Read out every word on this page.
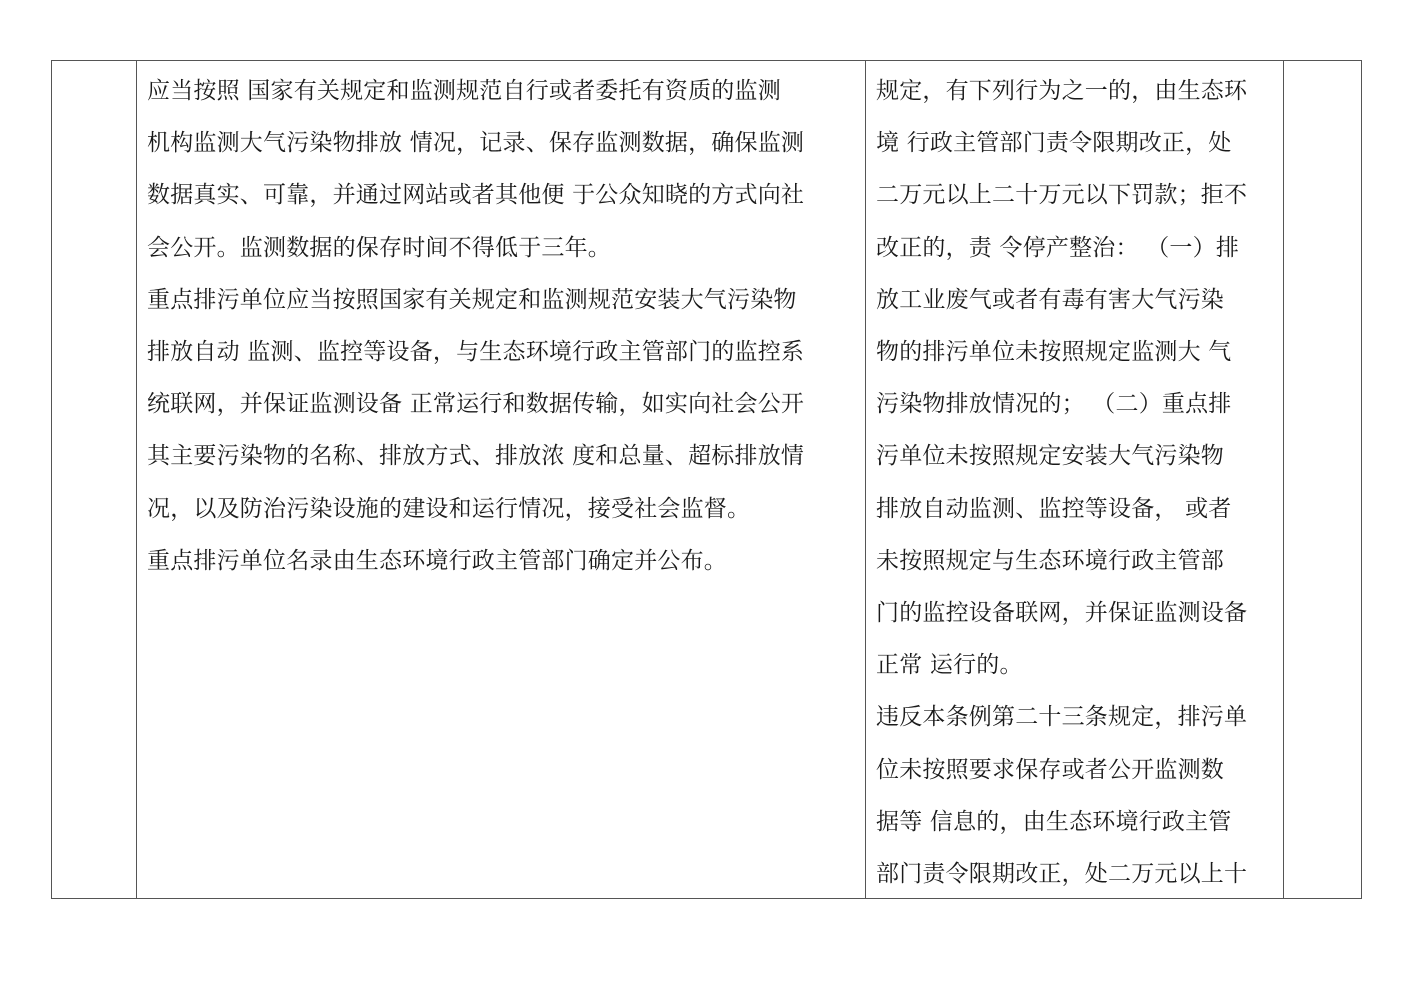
应当按照 国家有关规定和监测规范自行或者委托有资质的监测
机构监测大气污染物排放 情况，记录、保存监测数据，确保监测
数据真实、可靠，并通过网站或者其他便 于公众知晓的方式向社
会公开。监测数据的保存时间不得低于三年。
重点排污单位应当按照国家有关规定和监测规范安装大气污染物
排放自动 监测、监控等设备，与生态环境行政主管部门的监控系
统联网，并保证监测设备 正常运行和数据传输，如实向社会公开
其主要污染物的名称、排放方式、排放浓 度和总量、超标排放情
况，以及防治污染设施的建设和运行情况，接受社会监督。
重点排污单位名录由生态环境行政主管部门确定并公布。
规定，有下列行为之一的，由生态环
境 行政主管部门责令限期改正，处
二万元以上二十万元以下罚款；拒不
改正的，责 令停产整治： （一）排
放工业废气或者有毒有害大气污染
物的排污单位未按照规定监测大 气
污染物排放情况的； （二）重点排
污单位未按照规定安装大气污染物
排放自动监测、监控等设备， 或者
未按照规定与生态环境行政主管部
门的监控设备联网，并保证监测设备
正常 运行的。
违反本条例第二十三条规定，排污单
位未按照要求保存或者公开监测数
据等 信息的，由生态环境行政主管
部门责令限期改正，处二万元以上十
